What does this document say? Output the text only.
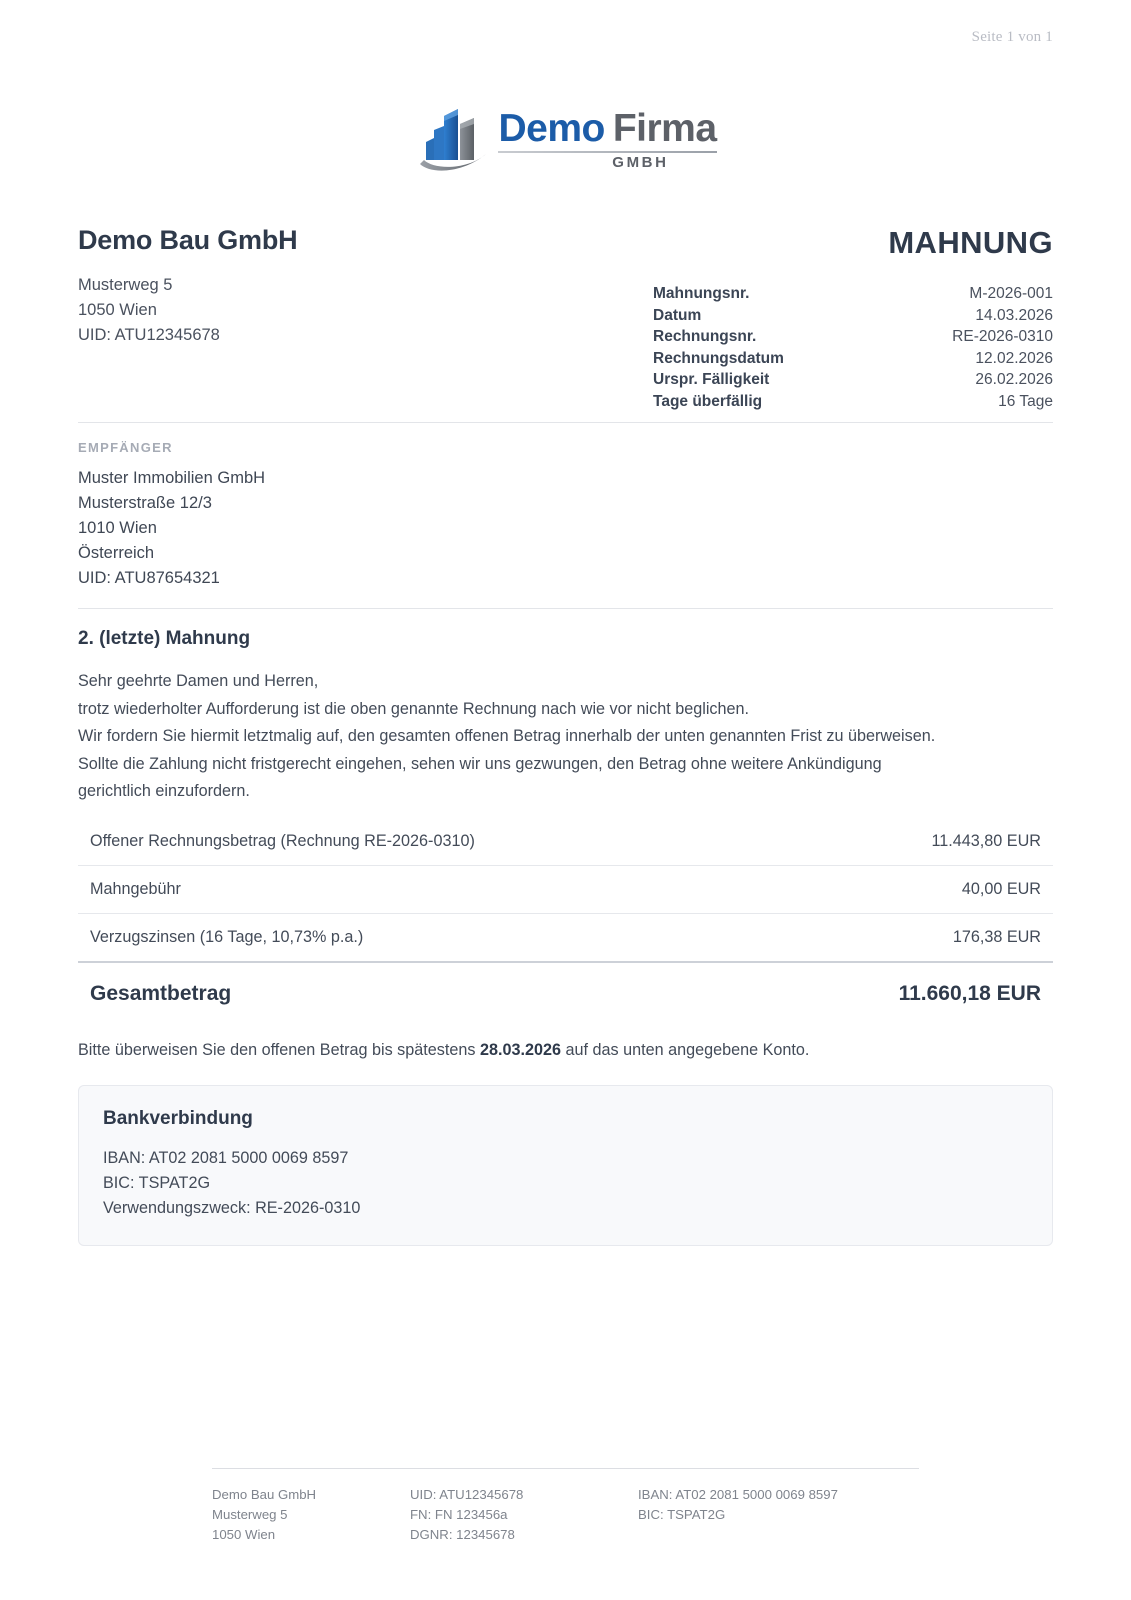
Seite 1 von 1
Demo Firma
GMBH
Demo Bau GmbH
Musterweg 5
1050 Wien
UID: ATU12345678
MAHNUNG
Mahnungsnr.	M-2026-001
Datum	14.03.2026
Rechnungsnr.	RE-2026-0310
Rechnungsdatum	12.02.2026
Urspr. Fälligkeit	26.02.2026
Tage überfällig	16 Tage
EMPFÄNGER
Muster Immobilien GmbH
Musterstraße 12/3
1010 Wien
Österreich
UID: ATU87654321
2. (letzte) Mahnung
Sehr geehrte Damen und Herren,
trotz wiederholter Aufforderung ist die oben genannte Rechnung nach wie vor nicht beglichen.
Wir fordern Sie hiermit letztmalig auf, den gesamten offenen Betrag innerhalb der unten genannten Frist zu überweisen.
Sollte die Zahlung nicht fristgerecht eingehen, sehen wir uns gezwungen, den Betrag ohne weitere Ankündigung
gerichtlich einzufordern.
Offener Rechnungsbetrag (Rechnung RE-2026-0310)	11.443,80 EUR
Mahngebühr	40,00 EUR
Verzugszinsen (16 Tage, 10,73% p.a.)	176,38 EUR
Gesamtbetrag	11.660,18 EUR
Bitte überweisen Sie den offenen Betrag bis spätestens 28.03.2026 auf das unten angegebene Konto.
Bankverbindung
IBAN: AT02 2081 5000 0069 8597
BIC: TSPAT2G
Verwendungszweck: RE-2026-0310
Demo Bau GmbH
Musterweg 5
1050 Wien
UID: ATU12345678
FN: FN 123456a
DGNR: 12345678
IBAN: AT02 2081 5000 0069 8597
BIC: TSPAT2G
